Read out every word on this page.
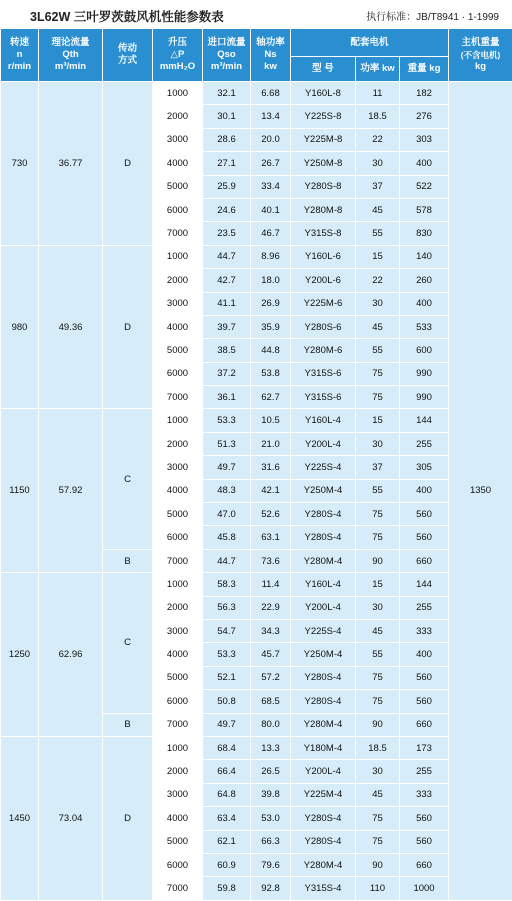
3L62W 三叶罗茨鼓风机性能参数表	执行标准：JB/T8941 · 1-1999
转速
n
r/min	理论流量
Qth
m³/min	传动
方式	升压
△P
mmH₂O	进口流量
Qso
m³/min	轴功率
Ns
kw	配套电机			主机重量
(不含电机)
kg

						型 号	功率 kw	重量 kg	
730	36.77	D	1000	32.1	6.68	Y160L-8	11	182	1350
			2000	30.1	13.4	Y225S-8	18.5	276	
			3000	28.6	20.0	Y225M-8	22	303	
			4000	27.1	26.7	Y250M-8	30	400	
			5000	25.9	33.4	Y280S-8	37	522	
			6000	24.6	40.1	Y280M-8	45	578	
			7000	23.5	46.7	Y315S-8	55	830	
980	49.36	D	1000	44.7	8.96	Y160L-6	15	140	
			2000	42.7	18.0	Y200L-6	22	260	
			3000	41.1	26.9	Y225M-6	30	400	
			4000	39.7	35.9	Y280S-6	45	533	
			5000	38.5	44.8	Y280M-6	55	600	
			6000	37.2	53.8	Y315S-6	75	990	
			7000	36.1	62.7	Y315S-6	75	990	
1150	57.92	C	1000	53.3	10.5	Y160L-4	15	144	
			2000	51.3	21.0	Y200L-4	30	255	
			3000	49.7	31.6	Y225S-4	37	305	
			4000	48.3	42.1	Y250M-4	55	400	
			5000	47.0	52.6	Y280S-4	75	560	
			6000	45.8	63.1	Y280S-4	75	560	
		B	7000	44.7	73.6	Y280M-4	90	660	
1250	62.96	C	1000	58.3	11.4	Y160L-4	15	144	
			2000	56.3	22.9	Y200L-4	30	255	
			3000	54.7	34.3	Y225S-4	45	333	
			4000	53.3	45.7	Y250M-4	55	400	
			5000	52.1	57.2	Y280S-4	75	560	
			6000	50.8	68.5	Y280S-4	75	560	
		B	7000	49.7	80.0	Y280M-4	90	660	
1450	73.04	D	1000	68.4	13.3	Y180M-4	18.5	173	
			2000	66.4	26.5	Y200L-4	30	255	
			3000	64.8	39.8	Y225M-4	45	333	
			4000	63.4	53.0	Y280S-4	75	560	
			5000	62.1	66.3	Y280S-4	75	560	
			6000	60.9	79.6	Y280M-4	90	660	
			7000	59.8	92.8	Y315S-4	110	1000	
